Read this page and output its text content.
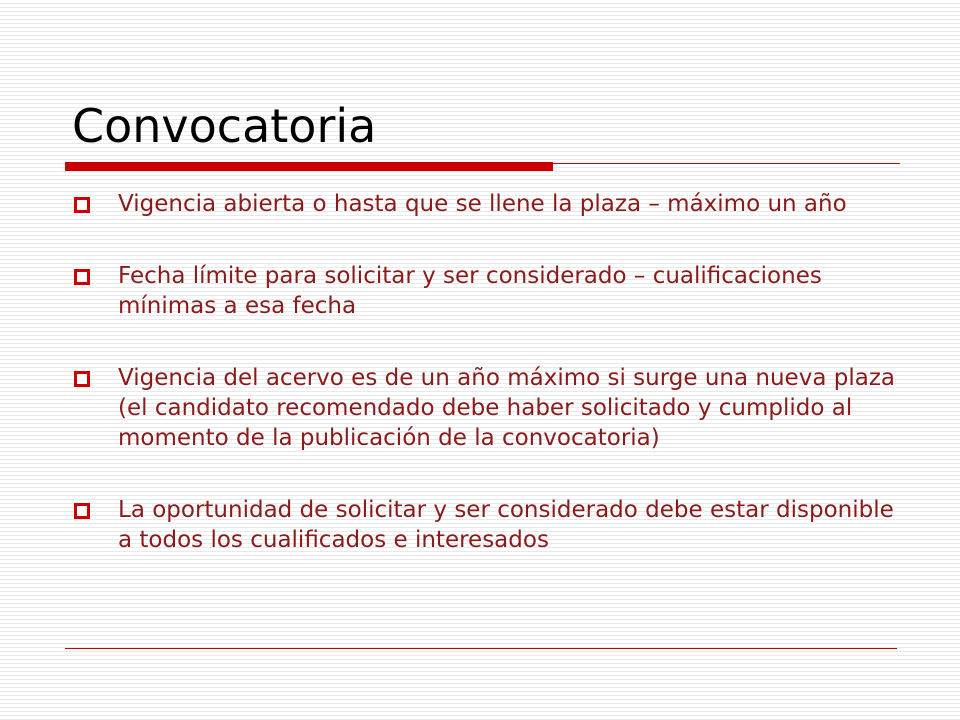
Convocatoria
Vigencia abierta o hasta que se llene la plaza – máximo un año
Fecha límite para solicitar y ser considerado – cualificaciones mínimas a esa fecha
Vigencia del acervo es de un año máximo si surge una nueva plaza (el candidato recomendado debe haber solicitado y cumplido al momento de la publicación de la convocatoria)
La oportunidad de solicitar y ser considerado debe estar disponible a todos los cualificados e interesados
